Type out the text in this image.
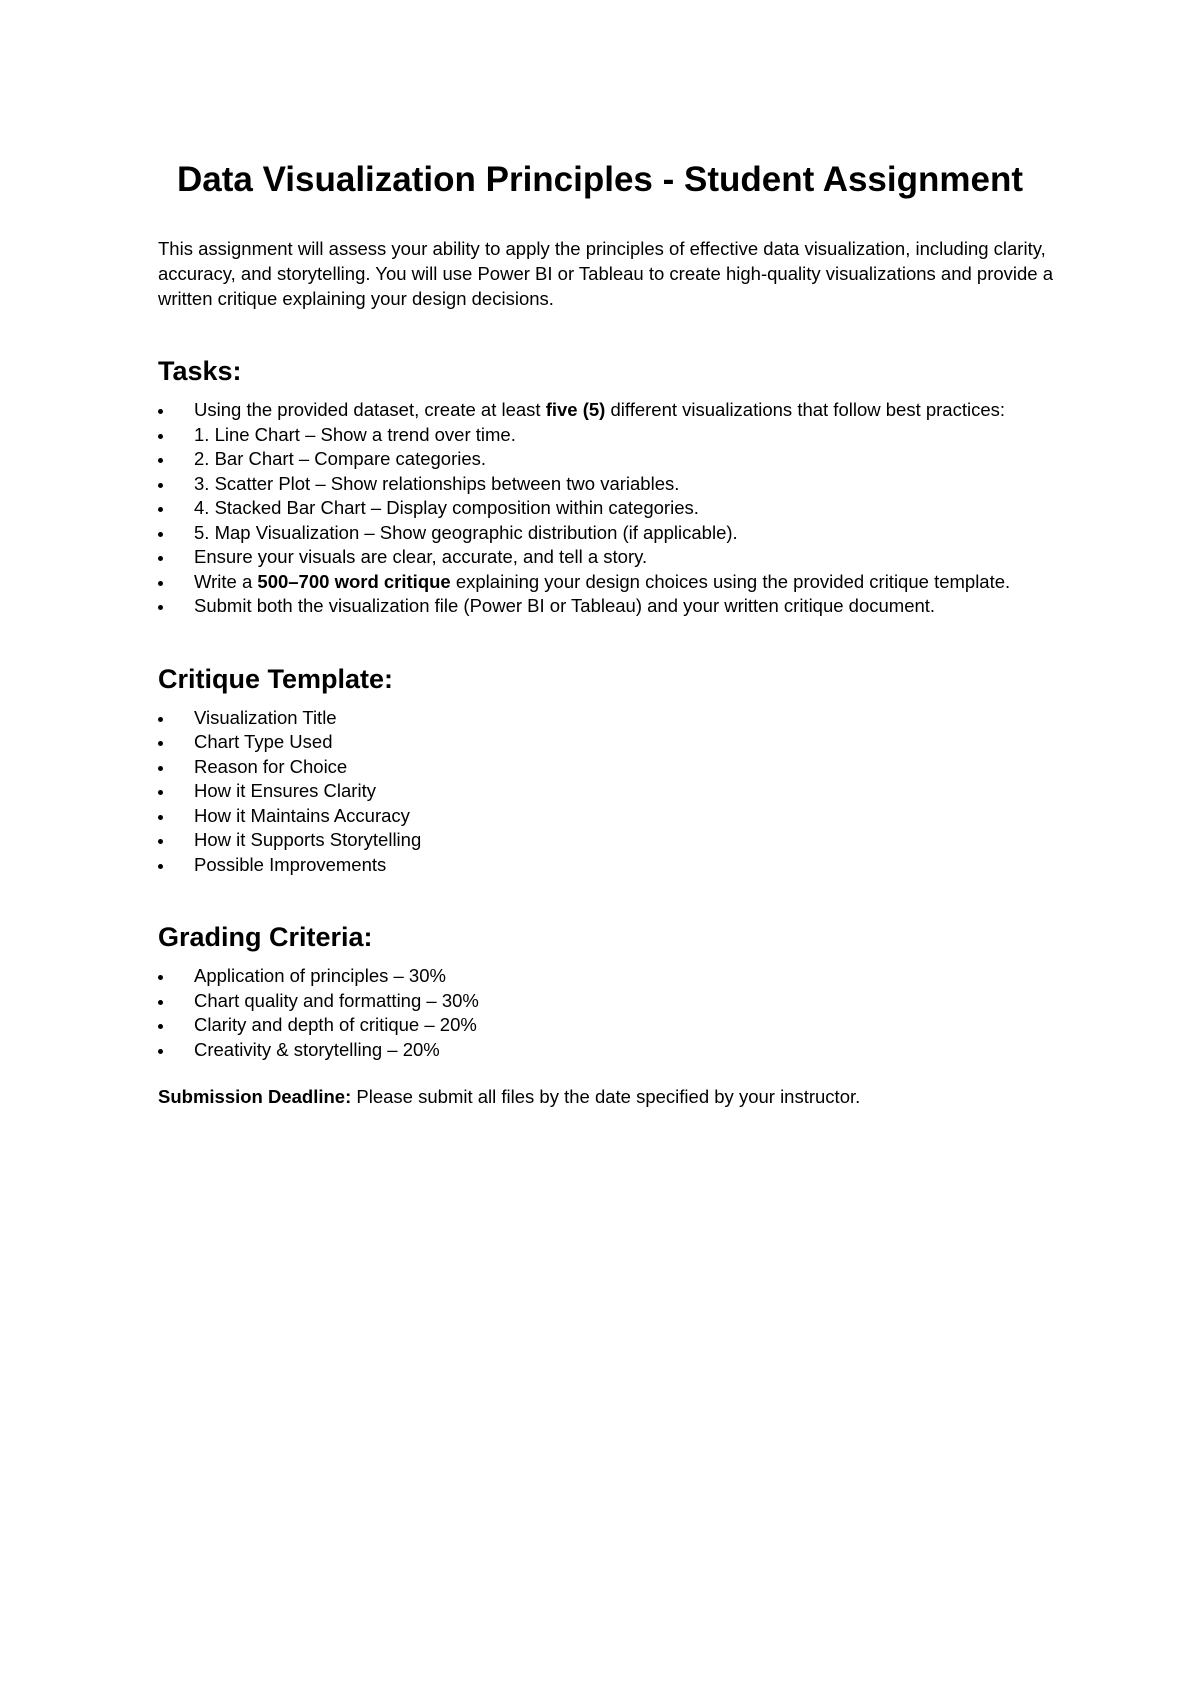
Data Visualization Principles - Student Assignment

This assignment will assess your ability to apply the principles of effective data visualization, including clarity, accuracy, and storytelling. You will use Power BI or Tableau to create high-quality visualizations and provide a written critique explaining your design decisions.

Tasks:
Using the provided dataset, create at least five (5) different visualizations that follow best practices:
1. Line Chart – Show a trend over time.
2. Bar Chart – Compare categories.
3. Scatter Plot – Show relationships between two variables.
4. Stacked Bar Chart – Display composition within categories.
5. Map Visualization – Show geographic distribution (if applicable).
Ensure your visuals are clear, accurate, and tell a story.
Write a 500–700 word critique explaining your design choices using the provided critique template.
Submit both the visualization file (Power BI or Tableau) and your written critique document.
Critique Template:
Visualization Title
Chart Type Used
Reason for Choice
How it Ensures Clarity
How it Maintains Accuracy
How it Supports Storytelling
Possible Improvements
Grading Criteria:
Application of principles – 30%
Chart quality and formatting – 30%
Clarity and depth of critique – 20%
Creativity & storytelling – 20%

Submission Deadline: Please submit all files by the date specified by your instructor.
